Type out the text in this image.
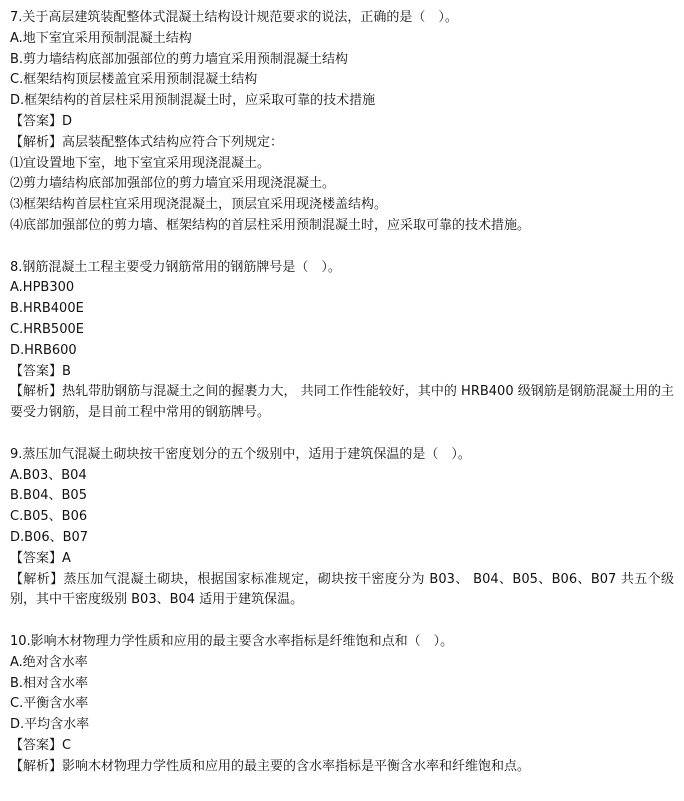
7.关于高层建筑装配整体式混凝土结构设计规范要求的说法，正确的是（　）。
A.地下室宜采用预制混凝土结构
B.剪力墙结构底部加强部位的剪力墙宜采用预制混凝土结构
C.框架结构顶层楼盖宜采用预制混凝土结构
D.框架结构的首层柱采用预制混凝土时，应采取可靠的技术措施
【答案】D
【解析】高层装配整体式结构应符合下列规定：
⑴宜设置地下室，地下室宜采用现浇混凝土。
⑵剪力墙结构底部加强部位的剪力墙宜采用现浇混凝土。
⑶框架结构首层柱宜采用现浇混凝土，顶层宜采用现浇楼盖结构。
⑷底部加强部位的剪力墙、框架结构的首层柱采用预制混凝土时，应采取可靠的技术措施。
8.钢筋混凝土工程主要受力钢筋常用的钢筋牌号是（　）。
A.HPB300
B.HRB400E
C.HRB500E
D.HRB600
【答案】B
【解析】热轧带肋钢筋与混凝土之间的握裹力大， 共同工作性能较好，其中的 HRB400 级钢筋是钢筋混凝土用的主要受力钢筋，是目前工程中常用的钢筋牌号。
9.蒸压加气混凝土砌块按干密度划分的五个级别中，适用于建筑保温的是（　）。
A.B03、B04
B.B04、B05
C.B05、B06
D.B06、B07
【答案】A
【解析】蒸压加气混凝土砌块，根据国家标准规定，砌块按干密度分为 B03、 B04、B05、B06、B07 共五个级别，其中干密度级别 B03、B04 适用于建筑保温。
10.影响木材物理力学性质和应用的最主要含水率指标是纤维饱和点和（　）。
A.绝对含水率
B.相对含水率
C.平衡含水率
D.平均含水率
【答案】C
【解析】影响木材物理力学性质和应用的最主要的含水率指标是平衡含水率和纤维饱和点。
